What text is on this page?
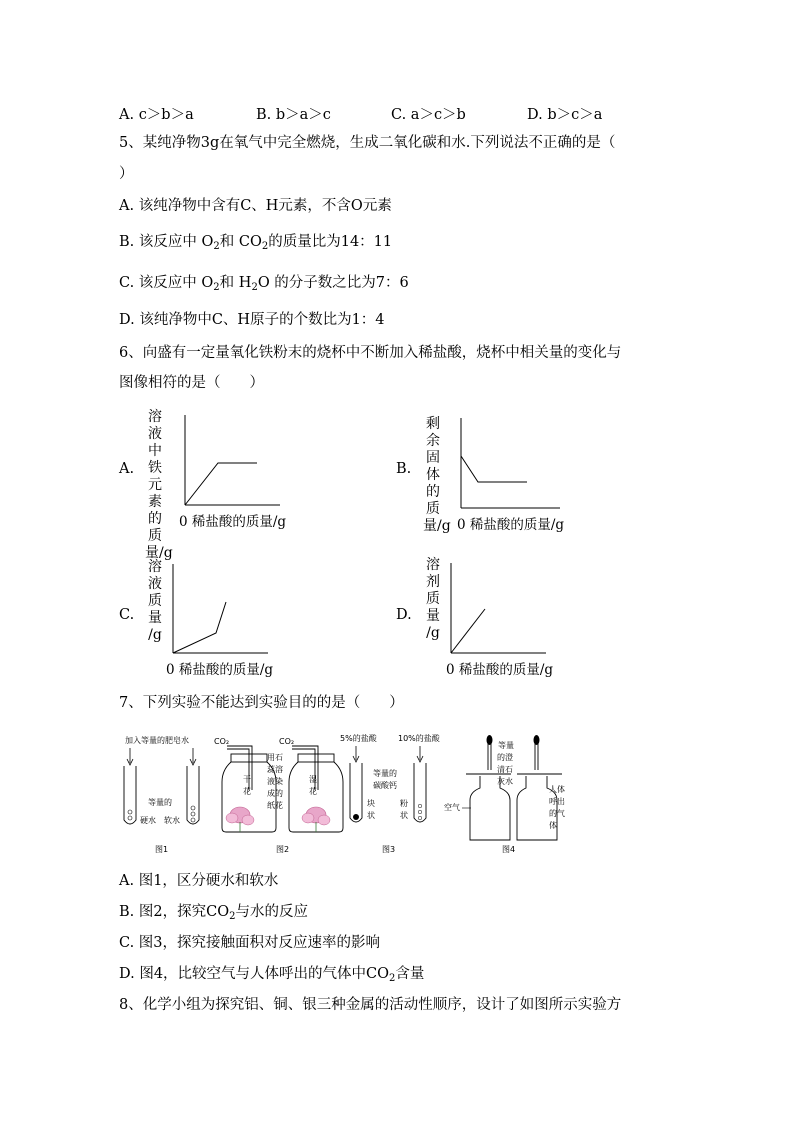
A. c＞b＞a	B. b＞a＞c	C. a＞c＞b	D. b＞c＞a
5、某纯净物3g在氧气中完全燃烧，生成二氧化碳和水.下列说法不正确的是（
）
A. 该纯净物中含有C、H元素，不含O元素
B. 该反应中 $O_2$和 $CO_2$的质量比为14：11
C. 该反应中 $O_2$和 $H_2O$ 的分子数之比为7：6
D. 该纯净物中C、H原子的个数比为1：4
6、向盛有一定量氧化铁粉末的烧杯中不断加入稀盐酸，烧杯中相关量的变化与
图像相符的是（　　）
A.
溶液
中铁
元素
的质
量/g
0 稀盐酸的质量/g
B.
剩余
固体
的质
量/g 0 稀盐酸的质量/g
C.
溶
液
质
量
/g
0 稀盐酸的质量/g
D.
溶
剂
质
量
/g
0 稀盐酸的质量/g
7、下列实验不能达到实验目的的是（　　）
加入等量的肥皂水
等量的
硬水 软水
图1
CO₂
干
花
用石
蕊溶
液染
成的
纸花
CO₂
湿
花
图2
5%的盐酸	10%的盐酸
等量的
碳酸钙
块
状
粉
状
图3
等量
的澄
清石
灰水
空气
人体
呼出
的气
体
图4
A. 图1，区分硬水和软水
B. 图2，探究$CO_2$与水的反应
C. 图3，探究接触面积对反应速率的影响
D. 图4，比较空气与人体呼出的气体中$CO_2$含量
8、化学小组为探究铝、铜、银三种金属的活动性顺序，设计了如图所示实验方
